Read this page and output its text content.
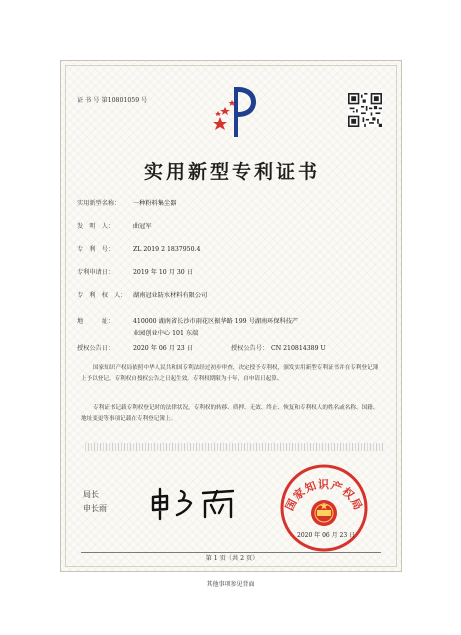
证 书 号 第10801059 号
实用新型专利证书
实用新型名称： 一种粉料集尘器
发　明　人：	曲冠军
专　利　号：	ZL 2019 2 1837950.4
专利申请日：	2019 年 10 月 30 日
专　利　权　人： 湖南冠业防水材料有限公司
地　　　址：	410000 湖南省长沙市雨花区振华路 199 号湖南环保科技产
业园创业中心 101 东端
授权公告日：	2020 年 06 月 23 日	授权公告号： CN 210814389 U
国家知识产权局依照中华人民共和国专利法经过初步审查，决定授予专利权，颁发实用新型专利证书并在专利登记簿上予以登记。专利权自授权公告之日起生效。专利权期限为十年，自申请日起算。
专利证书记载专利权登记时的法律状况。专利权的转移、质押、无效、终止、恢复和专利权人的姓名或名称、国籍、地址变更等事项记载在专利登记簿上。
局长
申长雨	国家知识产权局
2020 年 06 月 23 日
第 1 页（共 2 页）
其他事项参见背面
